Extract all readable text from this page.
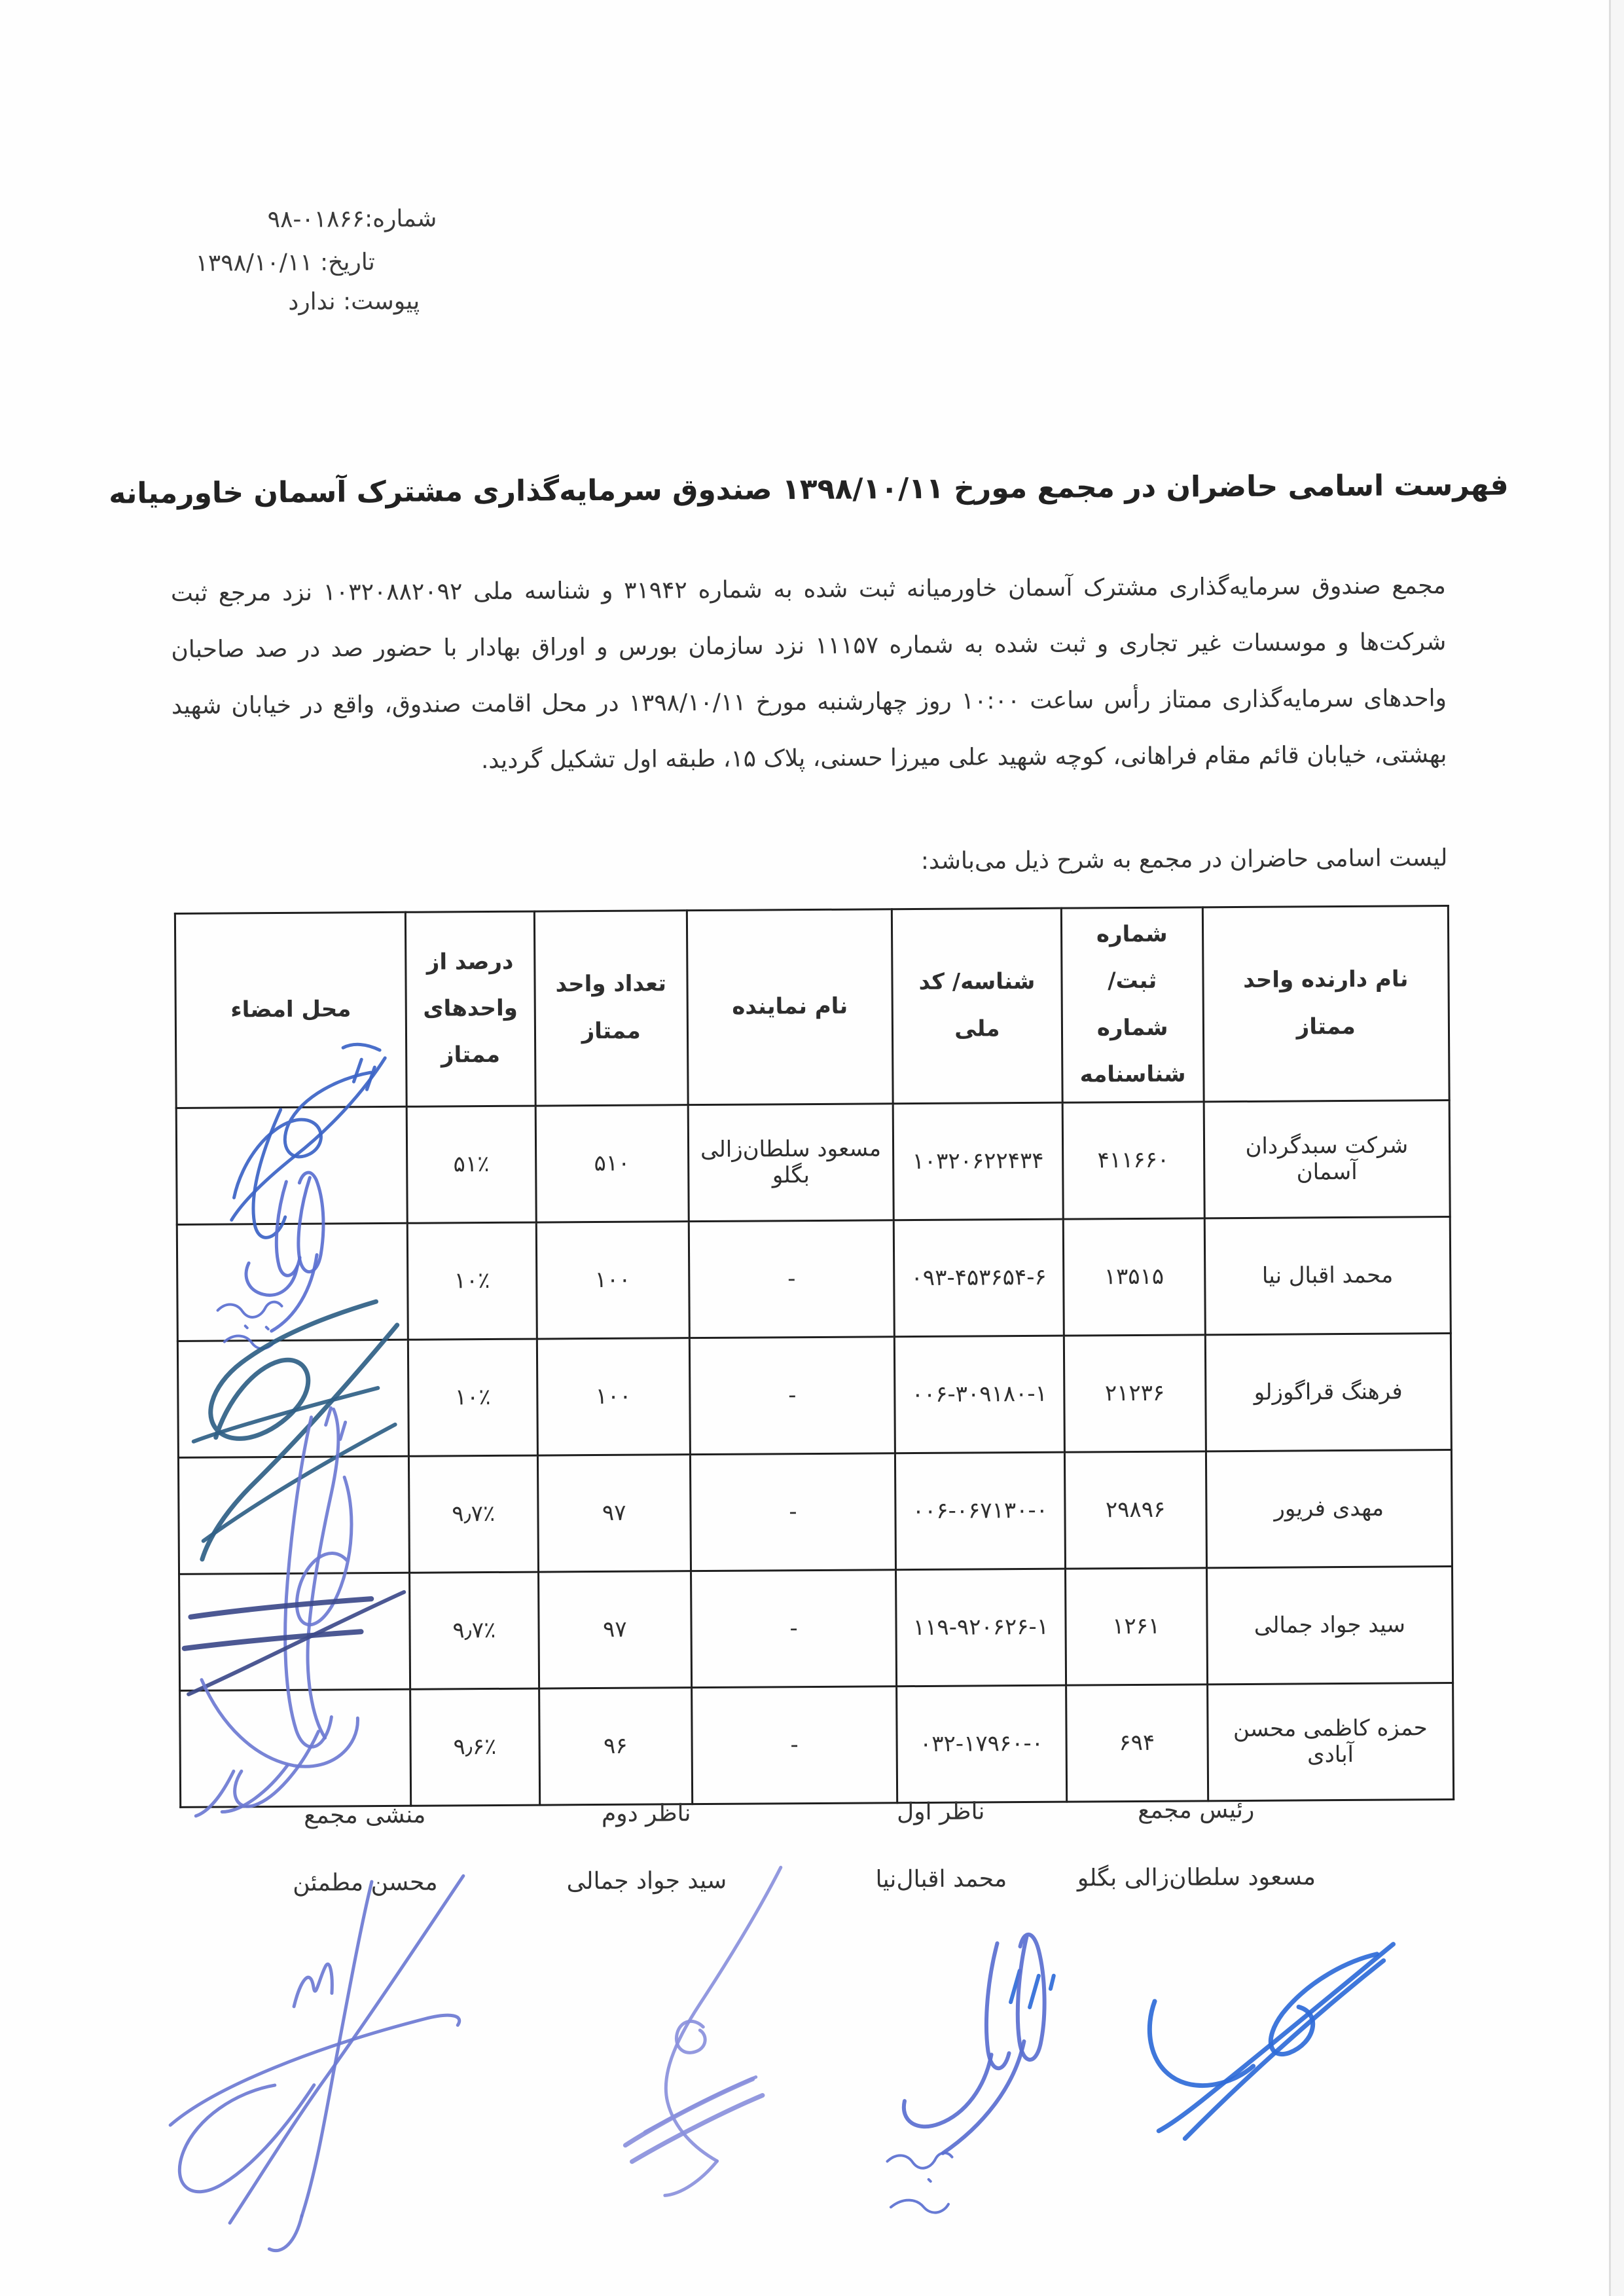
شماره:۰۱۸۶۶-۹۸
تاریخ: ۱۳۹۸/۱۰/۱۱
پیوست: ندارد
فهرست اسامی حاضران در مجمع مورخ ۱۳۹۸/۱۰/۱۱ صندوق سرمایه‌گذاری مشترک آسمان خاورمیانه
مجمع صندوق سرمایه‌گذاری مشترک آسمان خاورمیانه ثبت شده به شماره ۳۱۹۴۲ و شناسه ملی ۱۰۳۲۰۸۸۲۰۹۲ نزد مرجع ثبت شرکت‌ها و موسسات غیر تجاری و ثبت شده به شماره ۱۱۱۵۷ نزد سازمان بورس و اوراق بهادار با حضور صد در صد صاحبان واحدهای سرمایه‌گذاری ممتاز رأس ساعت ۱۰:۰۰ روز چهارشنبه مورخ ۱۳۹۸/۱۰/۱۱ در محل اقامت صندوق، واقع در خیابان شهید بهشتی، خیابان قائم مقام فراهانی، کوچه شهید علی میرزا حسنی، پلاک ۱۵، طبقه اول تشکیل گردید.
لیست اسامی حاضران در مجمع به شرح ذیل می‌باشد:
نام دارنده واحد ممتاز	شماره ثبت/ شماره شناسنامه	شناسه/ کد ملی	نام نماینده	تعداد واحد ممتاز	درصد از واحدهای ممتاز	محل امضاء
شرکت سبدگردان آسمان	۴۱۱۶۶۰	۱۰۳۲۰۶۲۲۴۳۴	مسعود سلطان‌زالی بگلو	۵۱۰	۵۱٪	
محمد اقبال نیا	۱۳۵۱۵	۰۹۳-۴۵۳۶۵۴-۶	-	۱۰۰	۱۰٪	
فرهنگ قراگوزلو	۲۱۲۳۶	۰۰۶-۳۰۹۱۸۰-۱	-	۱۰۰	۱۰٪	
مهدی فریور	۲۹۸۹۶	۰۰۶-۰۶۷۱۳۰-۰	-	۹۷	۹٫۷٪	
سید جواد جمالی	۱۲۶۱	۱۱۹-۹۲۰۶۲۶-۱	-	۹۷	۹٫۷٪	
حمزه کاظمی محسن آبادی	۶۹۴	۰۳۲-۱۷۹۶۰-۰	-	۹۶	۹٫۶٪	
رئیس مجمع
مسعود سلطان‌زالی بگلو
ناظر اول
محمد اقبال‌نیا
ناظر دوم
سید جواد جمالی
منشی مجمع
محسن مطمئن
